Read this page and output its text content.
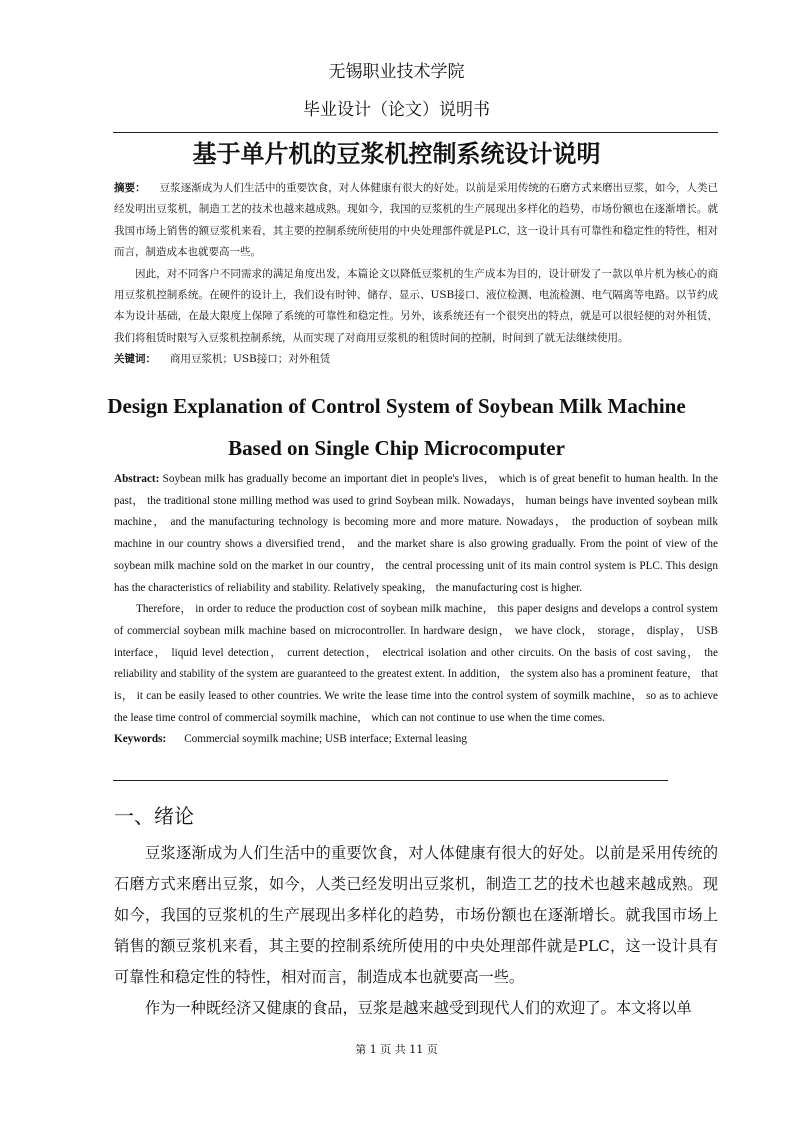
无锡职业技术学院
毕业设计（论文）说明书
基于单片机的豆浆机控制系统设计说明

摘要： 豆浆逐渐成为人们生活中的重要饮食，对人体健康有很大的好处。以前是采用传统的石磨方式来磨出豆浆，如今，人类已经发明出豆浆机，制造工艺的技术也越来越成熟。现如今，我国的豆浆机的生产展现出多样化的趋势，市场份额也在逐渐增长。就我国市场上销售的额豆浆机来看，其主要的控制系统所使用的中央处理部件就是PLC，这一设计具有可靠性和稳定性的特性，相对而言，制造成本也就要高一些。

因此，对不同客户不同需求的满足角度出发，本篇论文以降低豆浆机的生产成本为目的，设计研发了一款以单片机为核心的商用豆浆机控制系统。在硬件的设计上，我们设有时钟、储存、显示、USB接口、液位检测、电流检测、电气隔离等电路。以节约成本为设计基础，在最大限度上保障了系统的可靠性和稳定性。另外，该系统还有一个很突出的特点，就是可以很轻便的对外租赁，我们将租赁时限写入豆浆机控制系统，从而实现了对商用豆浆机的租赁时间的控制，时间到了就无法继续使用。

关键词： 商用豆浆机；USB接口；对外租赁

Design Explanation of Control System of Soybean Milk Machine
Based on Single Chip Microcomputer

Abstract: Soybean milk has gradually become an important diet in people's lives， which is of great benefit to human health. In the past， the traditional stone milling method was used to grind Soybean milk. Nowadays， human beings have invented soybean milk machine， and the manufacturing technology is becoming more and more mature. Nowadays， the production of soybean milk machine in our country shows a diversified trend， and the market share is also growing gradually. From the point of view of the soybean milk machine sold on the market in our country， the central processing unit of its main control system is PLC. This design has the characteristics of reliability and stability. Relatively speaking， the manufacturing cost is higher.

Therefore， in order to reduce the production cost of soybean milk machine， this paper designs and develops a control system of commercial soybean milk machine based on microcontroller. In hardware design， we have clock， storage， display， USB interface， liquid level detection， current detection， electrical isolation and other circuits. On the basis of cost saving， the reliability and stability of the system are guaranteed to the greatest extent. In addition， the system also has a prominent feature， that is， it can be easily leased to other countries. We write the lease time into the control system of soymilk machine， so as to achieve the lease time control of commercial soymilk machine， which can not continue to use when the time comes.

Keywords: Commercial soymilk machine; USB interface; External leasing

一、绪论

豆浆逐渐成为人们生活中的重要饮食，对人体健康有很大的好处。以前是采用传统的石磨方式来磨出豆浆，如今，人类已经发明出豆浆机，制造工艺的技术也越来越成熟。现如今，我国的豆浆机的生产展现出多样化的趋势，市场份额也在逐渐增长。就我国市场上销售的额豆浆机来看，其主要的控制系统所使用的中央处理部件就是PLC，这一设计具有可靠性和稳定性的特性，相对而言，制造成本也就要高一些。

作为一种既经济又健康的食品，豆浆是越来越受到现代人们的欢迎了。本文将以单

第 1 页 共 11 页
